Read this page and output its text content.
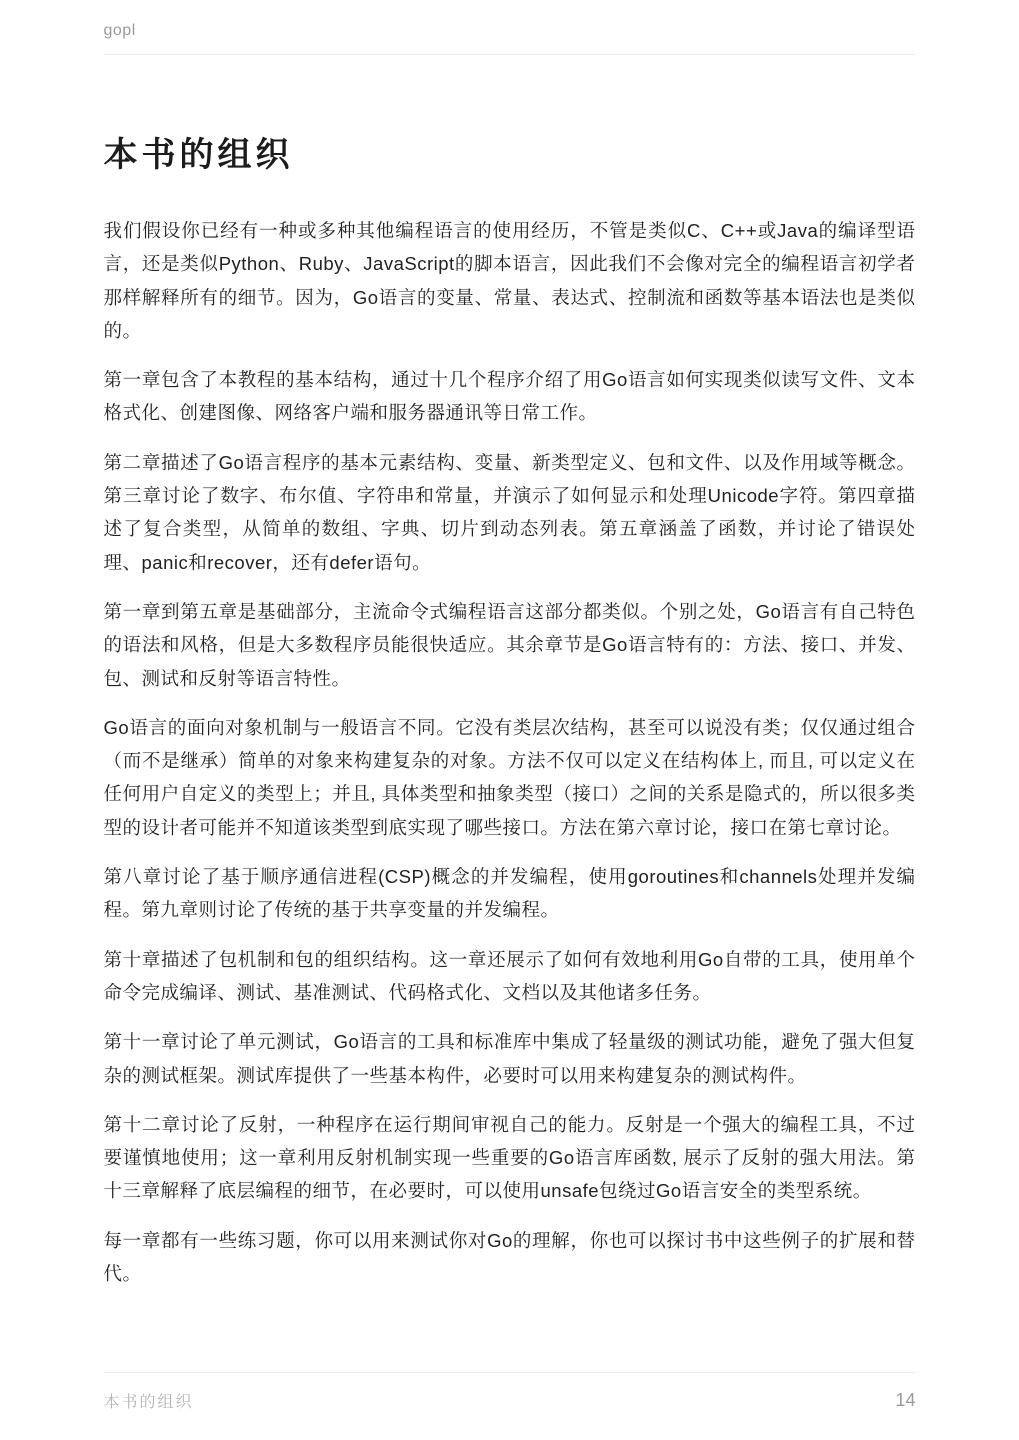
gopl
本书的组织

我们假设你已经有一种或多种其他编程语言的使用经历，不管是类似C、C++或Java的编译型语言，还是类似Python、Ruby、JavaScript的脚本语言，因此我们不会像对完全的编程语言初学者那样解释所有的细节。因为，Go语言的变量、常量、表达式、控制流和函数等基本语法也是类似的。

第一章包含了本教程的基本结构，通过十几个程序介绍了用Go语言如何实现类似读写文件、文本格式化、创建图像、网络客户端和服务器通讯等日常工作。

第二章描述了Go语言程序的基本元素结构、变量、新类型定义、包和文件、以及作用域等概念。第三章讨论了数字、布尔值、字符串和常量，并演示了如何显示和处理Unicode字符。第四章描述了复合类型，从简单的数组、字典、切片到动态列表。第五章涵盖了函数，并讨论了错误处理、panic和recover，还有defer语句。

第一章到第五章是基础部分，主流命令式编程语言这部分都类似。个别之处，Go语言有自己特色的语法和风格，但是大多数程序员能很快适应。其余章节是Go语言特有的：方法、接口、并发、包、测试和反射等语言特性。

Go语言的面向对象机制与一般语言不同。它没有类层次结构，甚至可以说没有类；仅仅通过组合（而不是继承）简单的对象来构建复杂的对象。方法不仅可以定义在结构体上, 而且, 可以定义在任何用户自定义的类型上；并且, 具体类型和抽象类型（接口）之间的关系是隐式的，所以很多类型的设计者可能并不知道该类型到底实现了哪些接口。方法在第六章讨论，接口在第七章讨论。

第八章讨论了基于顺序通信进程(CSP)概念的并发编程，使用goroutines和channels处理并发编程。第九章则讨论了传统的基于共享变量的并发编程。

第十章描述了包机制和包的组织结构。这一章还展示了如何有效地利用Go自带的工具，使用单个命令完成编译、测试、基准测试、代码格式化、文档以及其他诸多任务。

第十一章讨论了单元测试，Go语言的工具和标准库中集成了轻量级的测试功能，避免了强大但复杂的测试框架。测试库提供了一些基本构件，必要时可以用来构建复杂的测试构件。

第十二章讨论了反射，一种程序在运行期间审视自己的能力。反射是一个强大的编程工具，不过要谨慎地使用；这一章利用反射机制实现一些重要的Go语言库函数, 展示了反射的强大用法。第十三章解释了底层编程的细节，在必要时，可以使用unsafe包绕过Go语言安全的类型系统。

每一章都有一些练习题，你可以用来测试你对Go的理解，你也可以探讨书中这些例子的扩展和替代。

本书的组织	14
